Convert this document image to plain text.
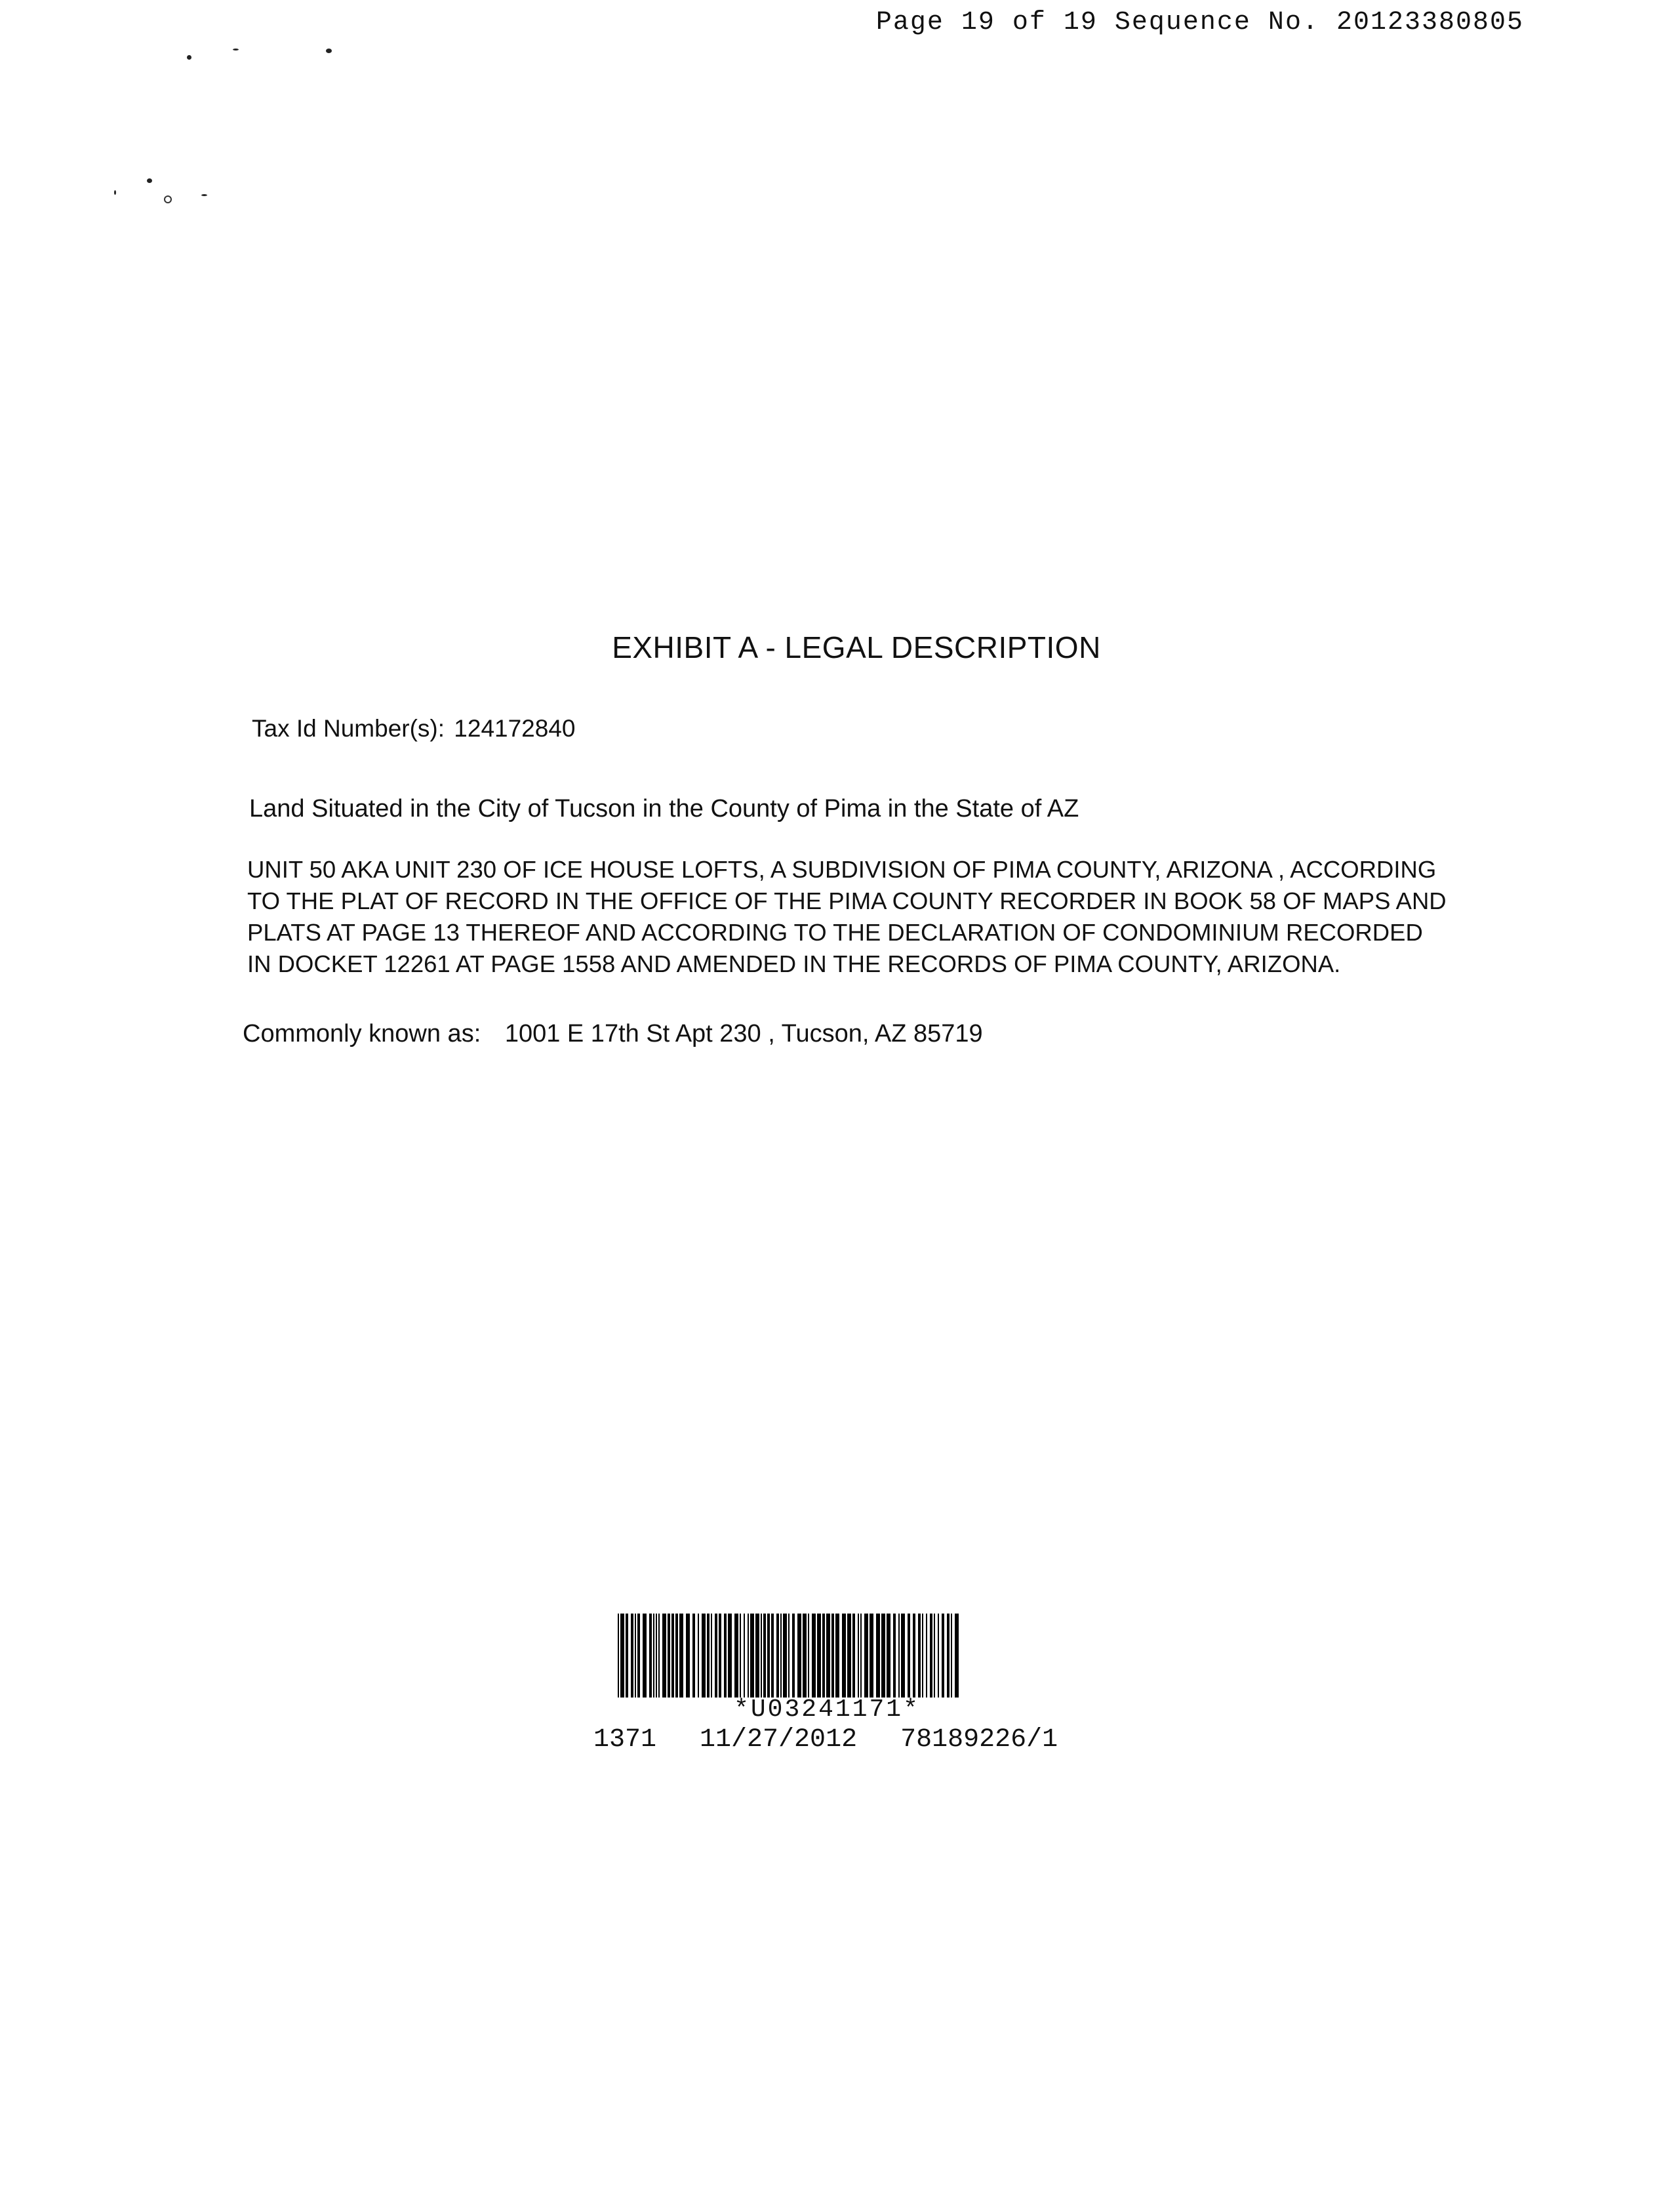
Page 19 of 19 Sequence No. 20123380805
EXHIBIT A - LEGAL DESCRIPTION
Tax Id Number(s): 124172840
Land Situated in the City of Tucson in the County of Pima in the State of AZ
UNIT 50 AKA UNIT 230 OF ICE HOUSE LOFTS, A SUBDIVISION OF PIMA COUNTY, ARIZONA , ACCORDING
TO THE PLAT OF RECORD IN THE OFFICE OF THE PIMA COUNTY RECORDER IN BOOK 58 OF MAPS AND
PLATS AT PAGE 13 THEREOF AND ACCORDING TO THE DECLARATION OF CONDOMINIUM RECORDED
IN DOCKET 12261 AT PAGE 1558 AND AMENDED IN THE RECORDS OF PIMA COUNTY, ARIZONA.
Commonly known as: 1001 E 17th St Apt 230 , Tucson, AZ 85719
*U03241171*
1371 11/27/2012 78189226/1
